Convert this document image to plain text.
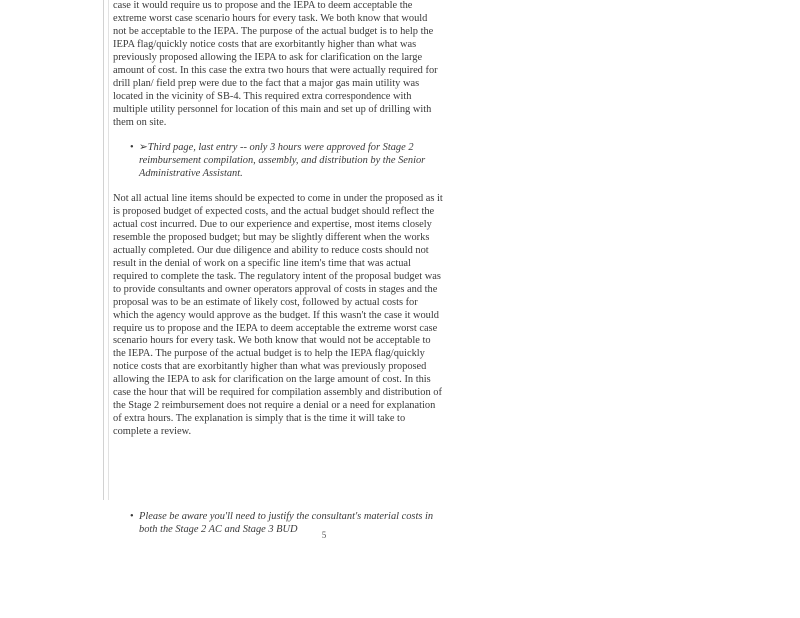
case it would require us to propose and the IEPA to deem acceptable the extreme worst case scenario hours for every task. We both know that would not be acceptable to the IEPA. The purpose of the actual budget is to help the IEPA flag/quickly notice costs that are exorbitantly higher than what was previously proposed allowing the IEPA to ask for clarification on the large amount of cost. In this case the extra two hours that were actually required for drill plan/ field prep were due to the fact that a major gas main utility was located in the vicinity of SB-4. This required extra correspondence with multiple utility personnel for location of this main and set up of drilling with them on site.

• ➢Third page, last entry -- only 3 hours were approved for Stage 2 reimbursement compilation, assembly, and distribution by the Senior Administrative Assistant.

Not all actual line items should be expected to come in under the proposed as it is proposed budget of expected costs, and the actual budget should reflect the actual cost incurred. Due to our experience and expertise, most items closely resemble the proposed budget; but may be slightly different when the works actually completed. Our due diligence and ability to reduce costs should not result in the denial of work on a specific line item's time that was actual required to complete the task. The regulatory intent of the proposal budget was to provide consultants and owner operators approval of costs in stages and the proposal was to be an estimate of likely cost, followed by actual costs for which the agency would approve as the budget. If this wasn't the case it would require us to propose and the IEPA to deem acceptable the extreme worst case scenario hours for every task. We both know that would not be acceptable to the IEPA. The purpose of the actual budget is to help the IEPA flag/quickly notice costs that are exorbitantly higher than what was previously proposed allowing the IEPA to ask for clarification on the large amount of cost. In this case the hour that will be required for compilation assembly and distribution of the Stage 2 reimbursement does not require a denial or a need for explanation of extra hours. The explanation is simply that is the time it will take to complete a review.

• Please be aware you'll need to justify the consultant's material costs in both the Stage 2 AC and Stage 3 BUD
5
